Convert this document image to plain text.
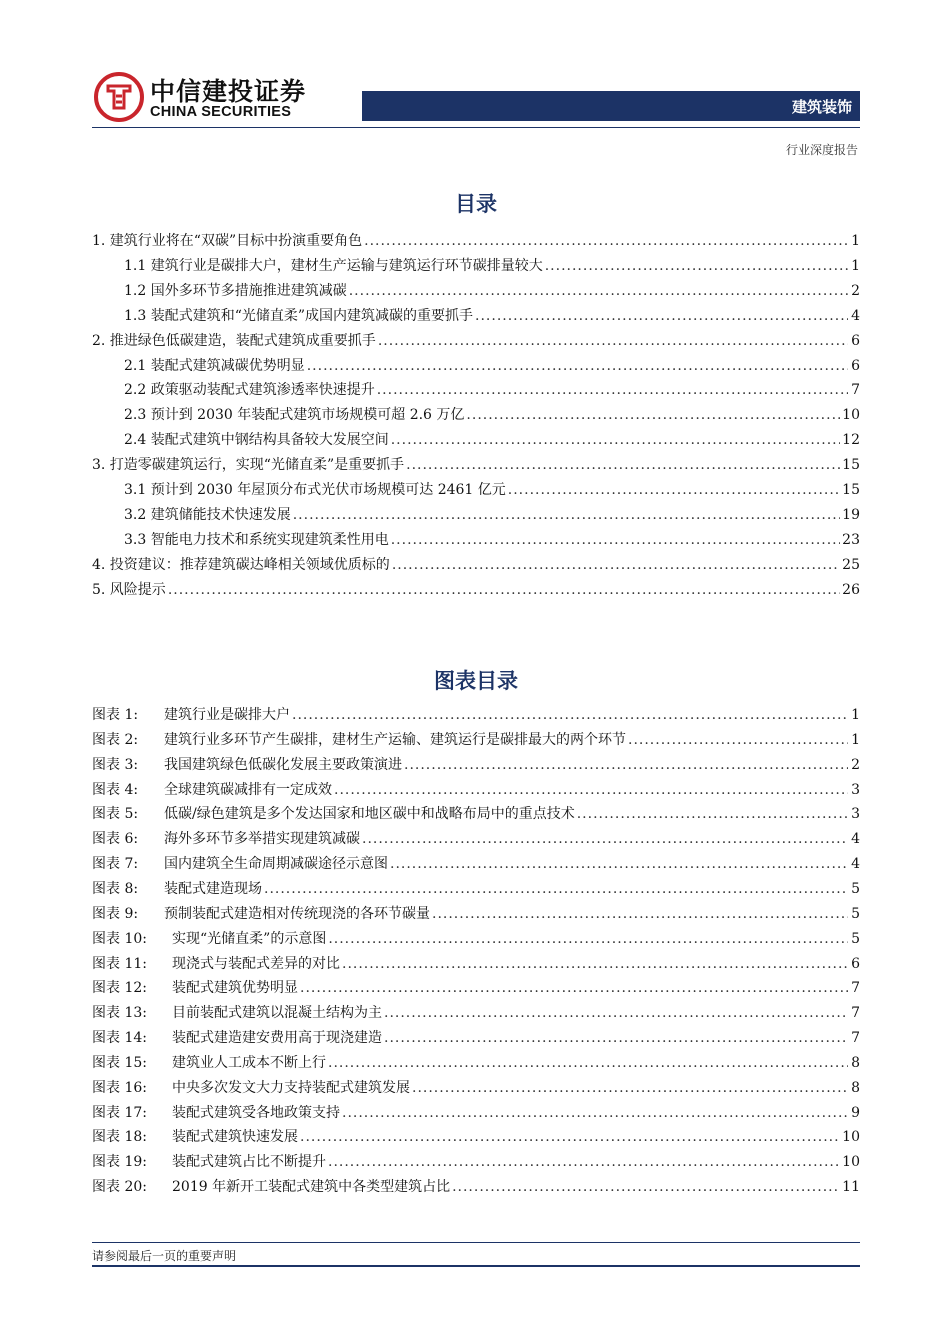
中信建投证券
CHINA SECURITIES	建筑装饰
行业深度报告
目录
1. 建筑行业将在“双碳”目标中扮演重要角色 .....	1
1.1 建筑行业是碳排大户，建材生产运输与建筑运行环节碳排量较大 .....	1
1.2 国外多环节多措施推进建筑减碳 .....	2
1.3 装配式建筑和“光储直柔”成国内建筑减碳的重要抓手 .....	4
2. 推进绿色低碳建造，装配式建筑成重要抓手 .....	6
2.1 装配式建筑减碳优势明显 .....	6
2.2 政策驱动装配式建筑渗透率快速提升 .....	7
2.3 预计到 2030 年装配式建筑市场规模可超 2.6 万亿 .....	10
2.4 装配式建筑中钢结构具备较大发展空间 .....	12
3. 打造零碳建筑运行，实现“光储直柔”是重要抓手 .....	15
3.1 预计到 2030 年屋顶分布式光伏市场规模可达 2461 亿元 .....	15
3.2 建筑储能技术快速发展 .....	19
3.3 智能电力技术和系统实现建筑柔性用电 .....	23
4. 投资建议：推荐建筑碳达峰相关领域优质标的 .....	25
5. 风险提示 .....	26
图表目录
图表 1:	建筑行业是碳排大户 .....	1
图表 2:	建筑行业多环节产生碳排，建材生产运输、建筑运行是碳排最大的两个环节 .....	1
图表 3:	我国建筑绿色低碳化发展主要政策演进 .....	2
图表 4:	全球建筑碳减排有一定成效 .....	3
图表 5:	低碳/绿色建筑是多个发达国家和地区碳中和战略布局中的重点技术 .....	3
图表 6:	海外多环节多举措实现建筑减碳 .....	4
图表 7:	国内建筑全生命周期减碳途径示意图 .....	4
图表 8:	装配式建造现场 .....	5
图表 9:	预制装配式建造相对传统现浇的各环节碳量 .....	5
图表 10:	实现“光储直柔”的示意图 .....	5
图表 11:	现浇式与装配式差异的对比 .....	6
图表 12:	装配式建筑优势明显 .....	7
图表 13:	目前装配式建筑以混凝土结构为主 .....	7
图表 14:	装配式建造建安费用高于现浇建造 .....	7
图表 15:	建筑业人工成本不断上行 .....	8
图表 16:	中央多次发文大力支持装配式建筑发展 .....	8
图表 17:	装配式建筑受各地政策支持 .....	9
图表 18:	装配式建筑快速发展 .....	10
图表 19:	装配式建筑占比不断提升 .....	10
图表 20:	2019 年新开工装配式建筑中各类型建筑占比 .....	11
请参阅最后一页的重要声明
